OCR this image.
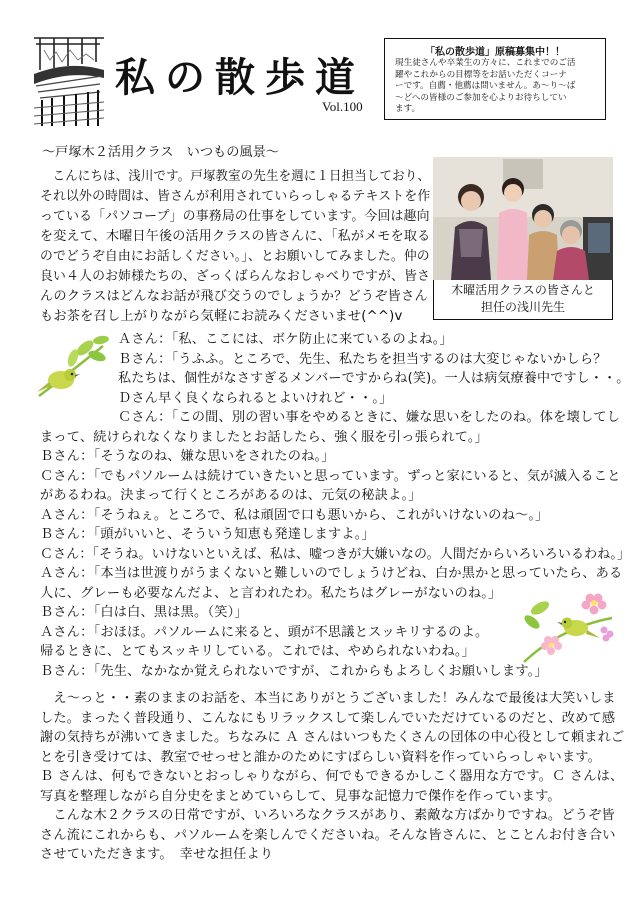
私の散歩道
Vol.100
「私の散歩道」原稿募集中！！
現生徒さんや卒業生の方々に、これまでのご活
躍やこれからの目標等をお話いただくコーナ
ーです。自薦・他薦は問いません。あ～り～ば
～どへの皆様のご参加を心よりお待ちしてい
ます。
～戸塚木２活用クラス　いつもの風景～
　こんにちは、浅川です。戸塚教室の先生を週に１日担当しており、
それ以外の時間は、皆さんが利用されていらっしゃるテキストを作
っている「パソコープ」の事務局の仕事をしています。今回は趣向
を変えて、木曜日午後の活用クラスの皆さんに、「私がメモを取る
のでどうぞ自由にお話しください。」、とお願いしてみました。仲の
良い４人のお姉様たちの、ざっくばらんなおしゃべりですが、皆さ
んのクラスはどんなお話が飛び交うのでしょうか？どうぞ皆さん
もお茶を召し上がりながら気軽にお読みくださいませ(^^)v
木曜活用クラスの皆さんと
担任の浅川先生
Ａさん：「私、ここには、ボケ防止に来ているのよね。」
Ｂさん：「うふふ。ところで、先生、私たちを担当するのは大変じゃないかしら？
私たちは、個性がなさすぎるメンバーですからね(笑)。一人は病気療養中ですし・・。
Ｄさん早く良くなられるとよいけれど・・。」
Ｃさん：「この間、別の習い事をやめるときに、嫌な思いをしたのね。体を壊してし
まって、続けられなくなりましたとお話したら、強く服を引っ張られて。」
Ｂさん：「そうなのね、嫌な思いをされたのね。」
Ｃさん：「でもパソルームは続けていきたいと思っています。ずっと家にいると、気が滅入ること
があるわね。決まって行くところがあるのは、元気の秘訣よ。」
Ａさん：「そうねぇ。ところで、私は頑固で口も悪いから、これがいけないのね～。」
Ｂさん：「頭がいいと、そういう知恵も発達しますよ。」
Ｃさん：「そうね。いけないといえば、私は、嘘つきが大嫌いなの。人間だからいろいろいるわね。」
Ａさん：「本当は世渡りがうまくないと難しいのでしょうけどね、白か黒かと思っていたら、ある
人に、グレーも必要なんだよ、と言われたわ。私たちはグレーがないのね。」
Ｂさん：「白は白、黒は黒。（笑）」
Ａさん：「おほほ。パソルームに来ると、頭が不思議とスッキリするのよ。
帰るときに、とてもスッキリしている。これでは、やめられないわね。」
Ｂさん：「先生、なかなか覚えられないですが、これからもよろしくお願いします。」
　え～っと・・素のままのお話を、本当にありがとうございました！みんなで最後は大笑いしま
した。まったく普段通り、こんなにもリラックスして楽しんでいただけているのだと、改めて感
謝の気持ちが沸いてきました。ちなみに Ａ さんはいつもたくさんの団体の中心役として頼まれご
とを引き受けては、教室でせっせと誰かのためにすばらしい資料を作っていらっしゃいます。
Ｂ さんは、何もできないとおっしゃりながら、何でもできるかしこく器用な方です。Ｃ さんは、
写真を整理しながら自分史をまとめていらして、見事な記憶力で傑作を作っています。
　こんな木２クラスの日常ですが、いろいろなクラスがあり、素敵な方ばかりですね。どうぞ皆
さん流にこれからも、パソルームを楽しんでくださいね。そんな皆さんに、とことんお付き合い
させていただきます。　幸せな担任より
